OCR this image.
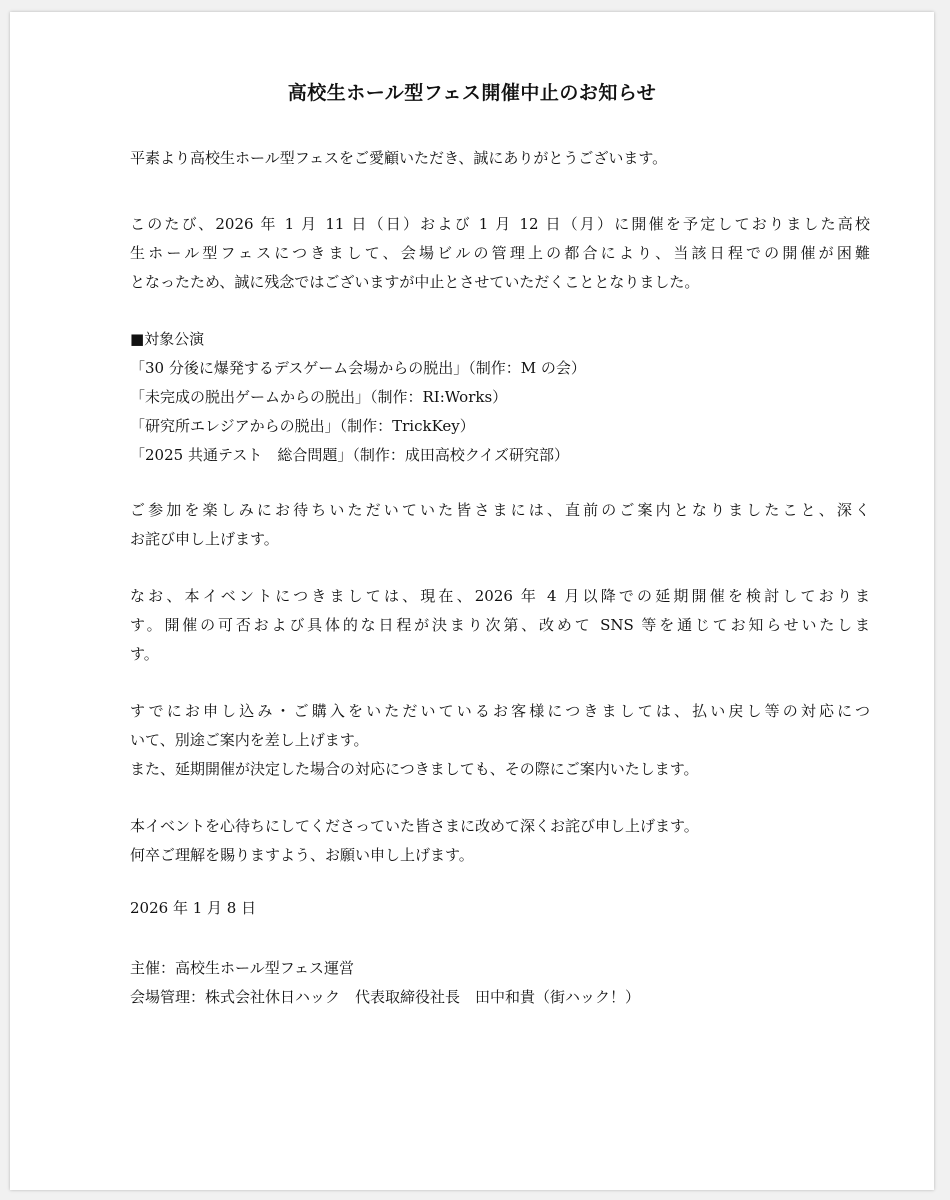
高校生ホール型フェス開催中止のお知らせ
平素より高校生ホール型フェスをご愛顧いただき、誠にありがとうございます。
このたび、2026 年 1 月 11 日（日）および 1 月 12 日（月）に開催を予定しておりました高校
生ホール型フェスにつきまして、会場ビルの管理上の都合により、当該日程での開催が困難
となったため、誠に残念ではございますが中止とさせていただくこととなりました。
■対象公演
「30 分後に爆発するデスゲーム会場からの脱出」（制作：M の会）
「未完成の脱出ゲームからの脱出」（制作：RI:Works）
「研究所エレジアからの脱出」（制作：TrickKey）
「2025 共通テスト　総合問題」（制作：成田高校クイズ研究部）
ご参加を楽しみにお待ちいただいていた皆さまには、直前のご案内となりましたこと、深く
お詫び申し上げます。
なお、本イベントにつきましては、現在、2026 年 4 月以降での延期開催を検討しておりま
す。開催の可否および具体的な日程が決まり次第、改めて SNS 等を通じてお知らせいたしま
す。
すでにお申し込み・ご購入をいただいているお客様につきましては、払い戻し等の対応につ
いて、別途ご案内を差し上げます。
また、延期開催が決定した場合の対応につきましても、その際にご案内いたします。
本イベントを心待ちにしてくださっていた皆さまに改めて深くお詫び申し上げます。
何卒ご理解を賜りますよう、お願い申し上げます。
2026 年 1 月 8 日
主催：高校生ホール型フェス運営
会場管理：株式会社休日ハック　代表取締役社長　田中和貴（街ハック！）
